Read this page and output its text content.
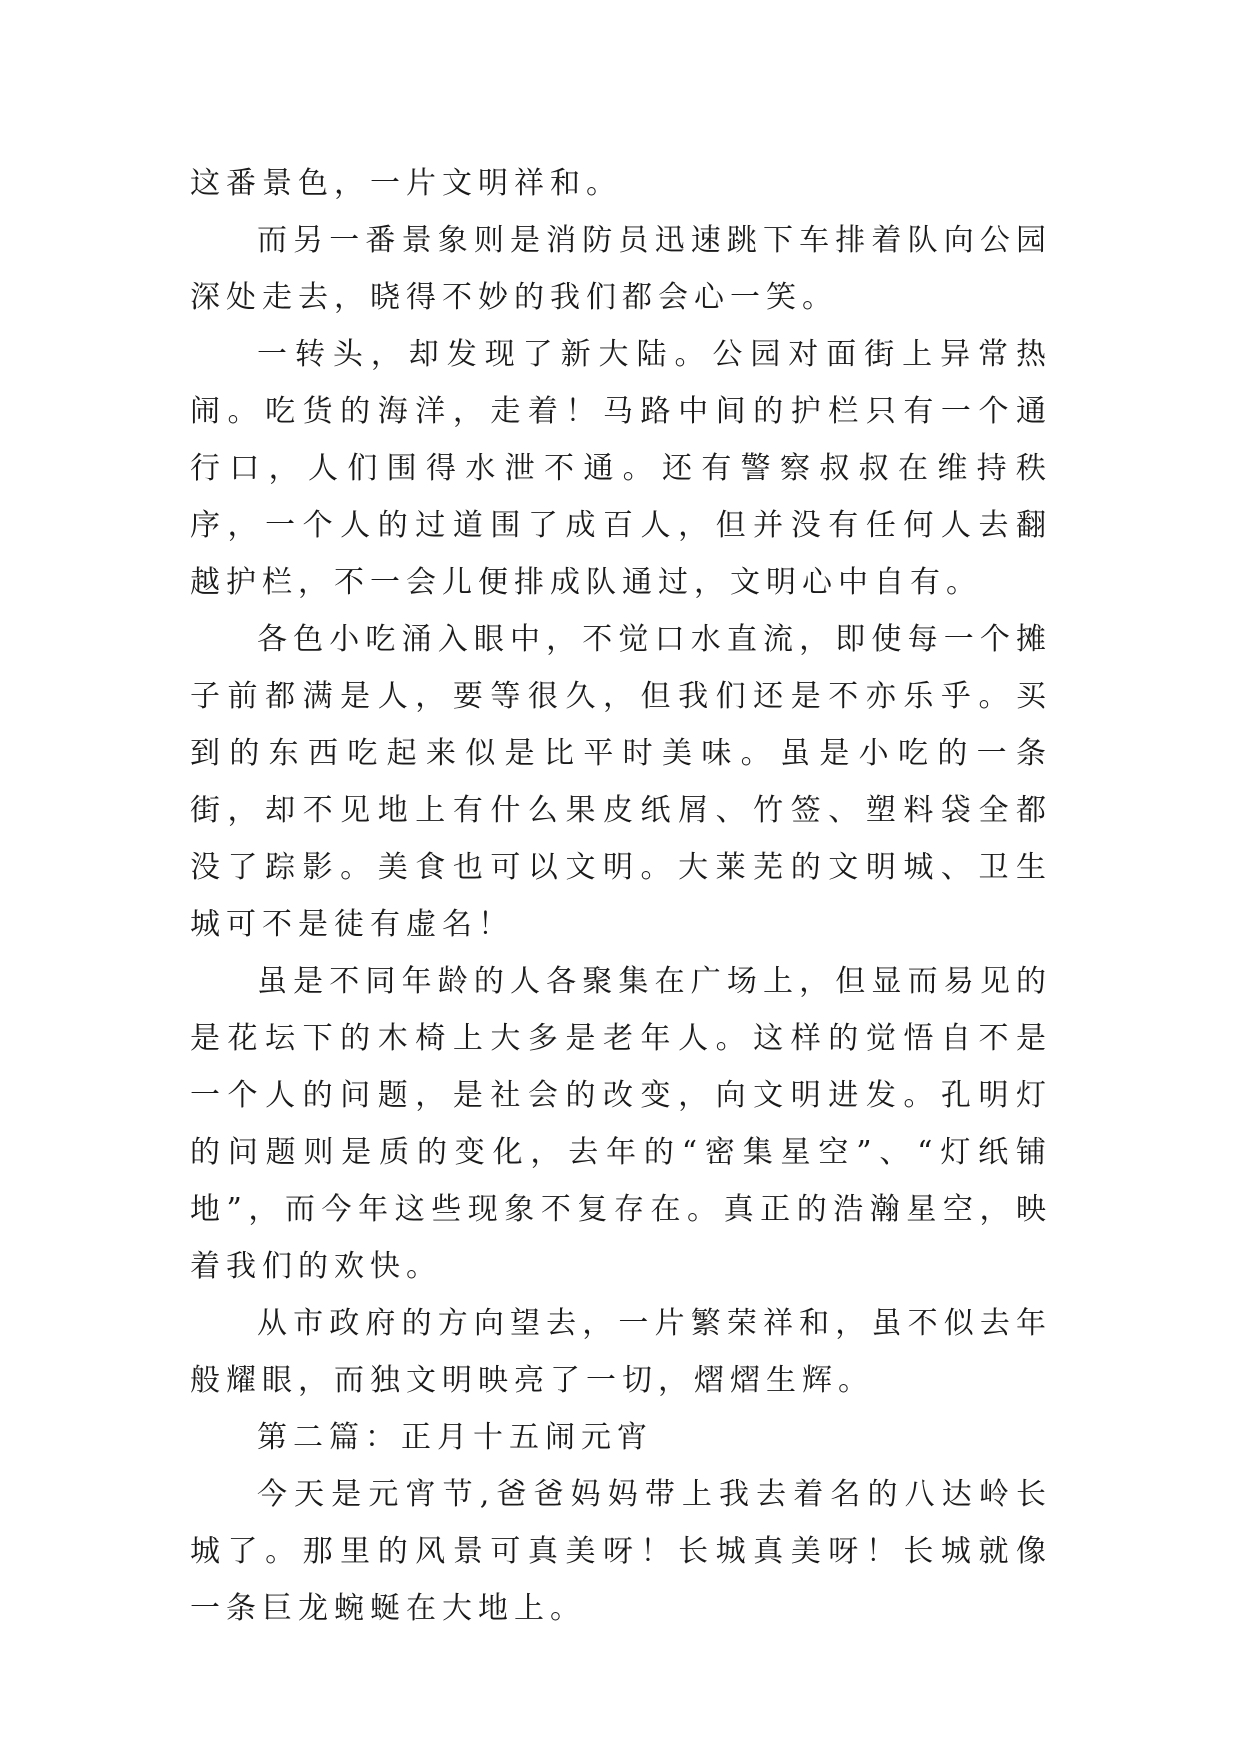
这番景色，一片文明祥和。

而另一番景象则是消防员迅速跳下车排着队向公园深处走去，晓得不妙的我们都会心一笑。

一转头，却发现了新大陆。公园对面街上异常热闹。吃货的海洋，走着！马路中间的护栏只有一个通行口，人们围得水泄不通。还有警察叔叔在维持秩序，一个人的过道围了成百人，但并没有任何人去翻越护栏，不一会儿便排成队通过，文明心中自有。

各色小吃涌入眼中，不觉口水直流，即使每一个摊子前都满是人，要等很久，但我们还是不亦乐乎。买到的东西吃起来似是比平时美味。虽是小吃的一条街，却不见地上有什么果皮纸屑、竹签、塑料袋全都没了踪影。美食也可以文明。大莱芜的文明城、卫生城可不是徒有虚名！

虽是不同年龄的人各聚集在广场上，但显而易见的是花坛下的木椅上大多是老年人。这样的觉悟自不是一个人的问题，是社会的改变，向文明进发。孔明灯的问题则是质的变化，去年的“密集星空”、“灯纸铺地”，而今年这些现象不复存在。真正的浩瀚星空，映着我们的欢快。

从市政府的方向望去，一片繁荣祥和，虽不似去年般耀眼，而独文明映亮了一切，熠熠生辉。

第二篇：正月十五闹元宵

今天是元宵节,爸爸妈妈带上我去着名的八达岭长城了。那里的风景可真美呀！长城真美呀！长城就像一条巨龙蜿蜒在大地上。
